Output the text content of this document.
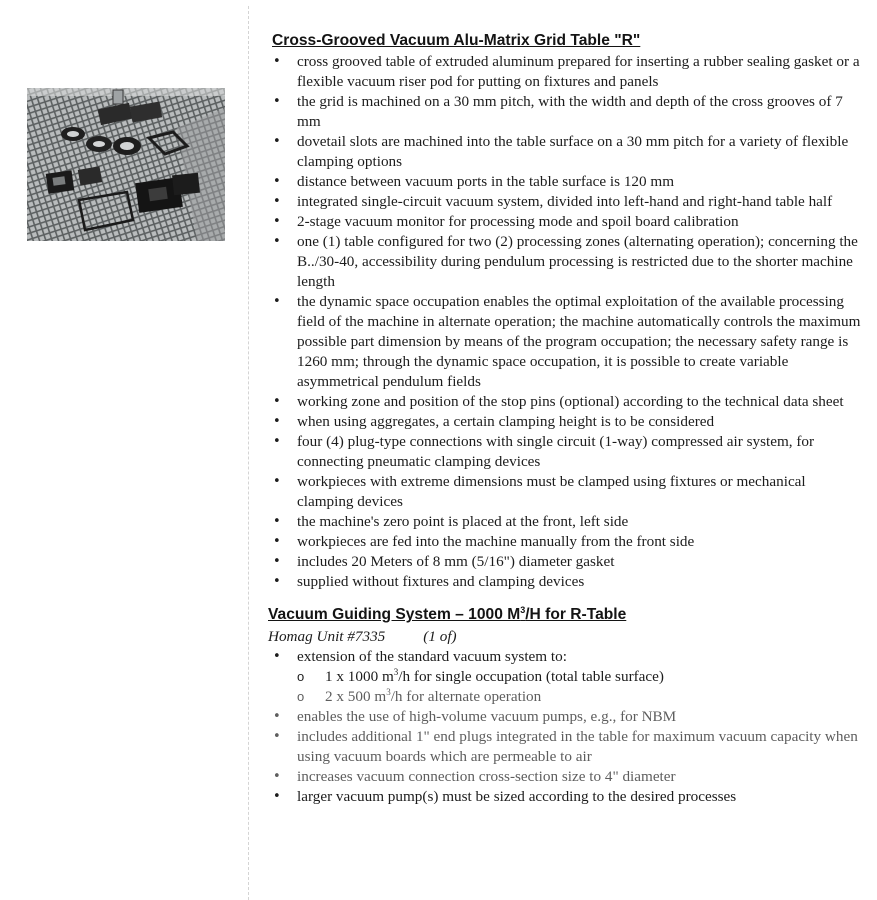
Cross-Grooved Vacuum Alu-Matrix Grid Table "R"
• cross grooved table of extruded aluminum prepared for inserting a rubber sealing gasket or a flexible vacuum riser pod for putting on fixtures and panels
• the grid is machined on a 30 mm pitch, with the width and depth of the cross grooves of 7 mm
• dovetail slots are machined into the table surface on a 30 mm pitch for a variety of flexible clamping options
• distance between vacuum ports in the table surface is 120 mm
• integrated single-circuit vacuum system, divided into left-hand and right-hand table half
• 2-stage vacuum monitor for processing mode and spoil board calibration
• one (1) table configured for two (2) processing zones (alternating operation); concerning the B../30-40, accessibility during pendulum processing is restricted due to the shorter machine length
• the dynamic space occupation enables the optimal exploitation of the available processing field of the machine in alternate operation; the machine automatically controls the maximum possible part dimension by means of the program occupation; the necessary safety range is 1260 mm; through the dynamic space occupation, it is possible to create variable asymmetrical pendulum fields
• working zone and position of the stop pins (optional) according to the technical data sheet
• when using aggregates, a certain clamping height is to be considered
• four (4) plug-type connections with single circuit (1-way) compressed air system, for connecting pneumatic clamping devices
• workpieces with extreme dimensions must be clamped using fixtures or mechanical clamping devices
• the machine's zero point is placed at the front, left side
• workpieces are fed into the machine manually from the front side
• includes 20 Meters of 8 mm (5/16") diameter gasket
• supplied without fixtures and clamping devices
Vacuum Guiding System – 1000 $M^3/H$ for R-Table
Homag Unit #7335	(1 of)
• extension of the standard vacuum system to:
o 1 x 1000 $m^3/h$ for single occupation (total table surface)
o 2 x 500 $m^3/h$ for alternate operation
• enables the use of high-volume vacuum pumps, e.g., for NBM
• includes additional 1" end plugs integrated in the table for maximum vacuum capacity when using vacuum boards which are permeable to air
• increases vacuum connection cross-section size to 4" diameter
• larger vacuum pump(s) must be sized according to the desired processes
